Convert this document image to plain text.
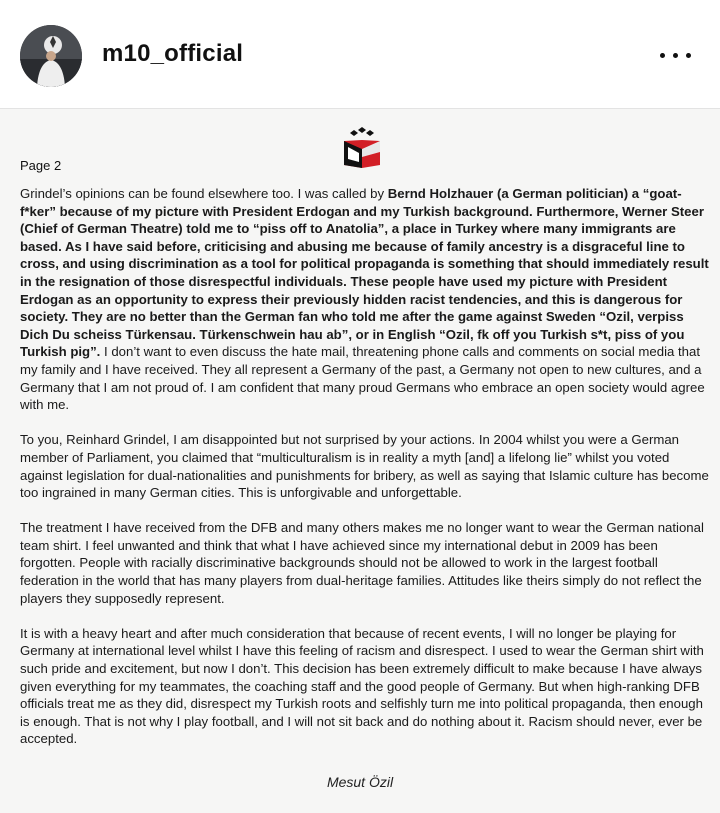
m10_official
Page 2

Grindel’s opinions can be found elsewhere too. I was called by Bernd Holzhauer (a German politician) a “goat-f*ker” because of my picture with President Erdogan and my Turkish background. Furthermore, Werner Steer (Chief of German Theatre) told me to “piss off to Anatolia”, a place in Turkey where many immigrants are based. As I have said before, criticising and abusing me because of family ancestry is a disgraceful line to cross, and using discrimination as a tool for political propaganda is something that should immediately result in the resignation of those disrespectful individuals. These people have used my picture with President Erdogan as an opportunity to express their previously hidden racist tendencies, and this is dangerous for society. They are no better than the German fan who told me after the game against Sweden “Ozil, verpiss Dich Du scheiss Türkensau. Türkenschwein hau ab”, or in English “Ozil, fk off you Turkish s*t, piss of you Turkish pig”. I don’t want to even discuss the hate mail, threatening phone calls and comments on social media that my family and I have received. They all represent a Germany of the past, a Germany not open to new cultures, and a Germany that I am not proud of. I am confident that many proud Germans who embrace an open society would agree with me.

To you, Reinhard Grindel, I am disappointed but not surprised by your actions. In 2004 whilst you were a German member of Parliament, you claimed that “multiculturalism is in reality a myth [and] a lifelong lie” whilst you voted against legislation for dual-nationalities and punishments for bribery, as well as saying that Islamic culture has become too ingrained in many German cities. This is unforgivable and unforgettable.

The treatment I have received from the DFB and many others makes me no longer want to wear the German national team shirt. I feel unwanted and think that what I have achieved since my international debut in 2009 has been forgotten. People with racially discriminative backgrounds should not be allowed to work in the largest football federation in the world that has many players from dual-heritage families. Attitudes like theirs simply do not reflect the players they supposedly represent.

It is with a heavy heart and after much consideration that because of recent events, I will no longer be playing for Germany at international level whilst I have this feeling of racism and disrespect. I used to wear the German shirt with such pride and excitement, but now I don’t. This decision has been extremely difficult to make because I have always given everything for my teammates, the coaching staff and the good people of Germany. But when high-ranking DFB officials treat me as they did, disrespect my Turkish roots and selfishly turn me into political propaganda, then enough is enough. That is not why I play football, and I will not sit back and do nothing about it. Racism should never, ever be accepted.

Mesut Özil
